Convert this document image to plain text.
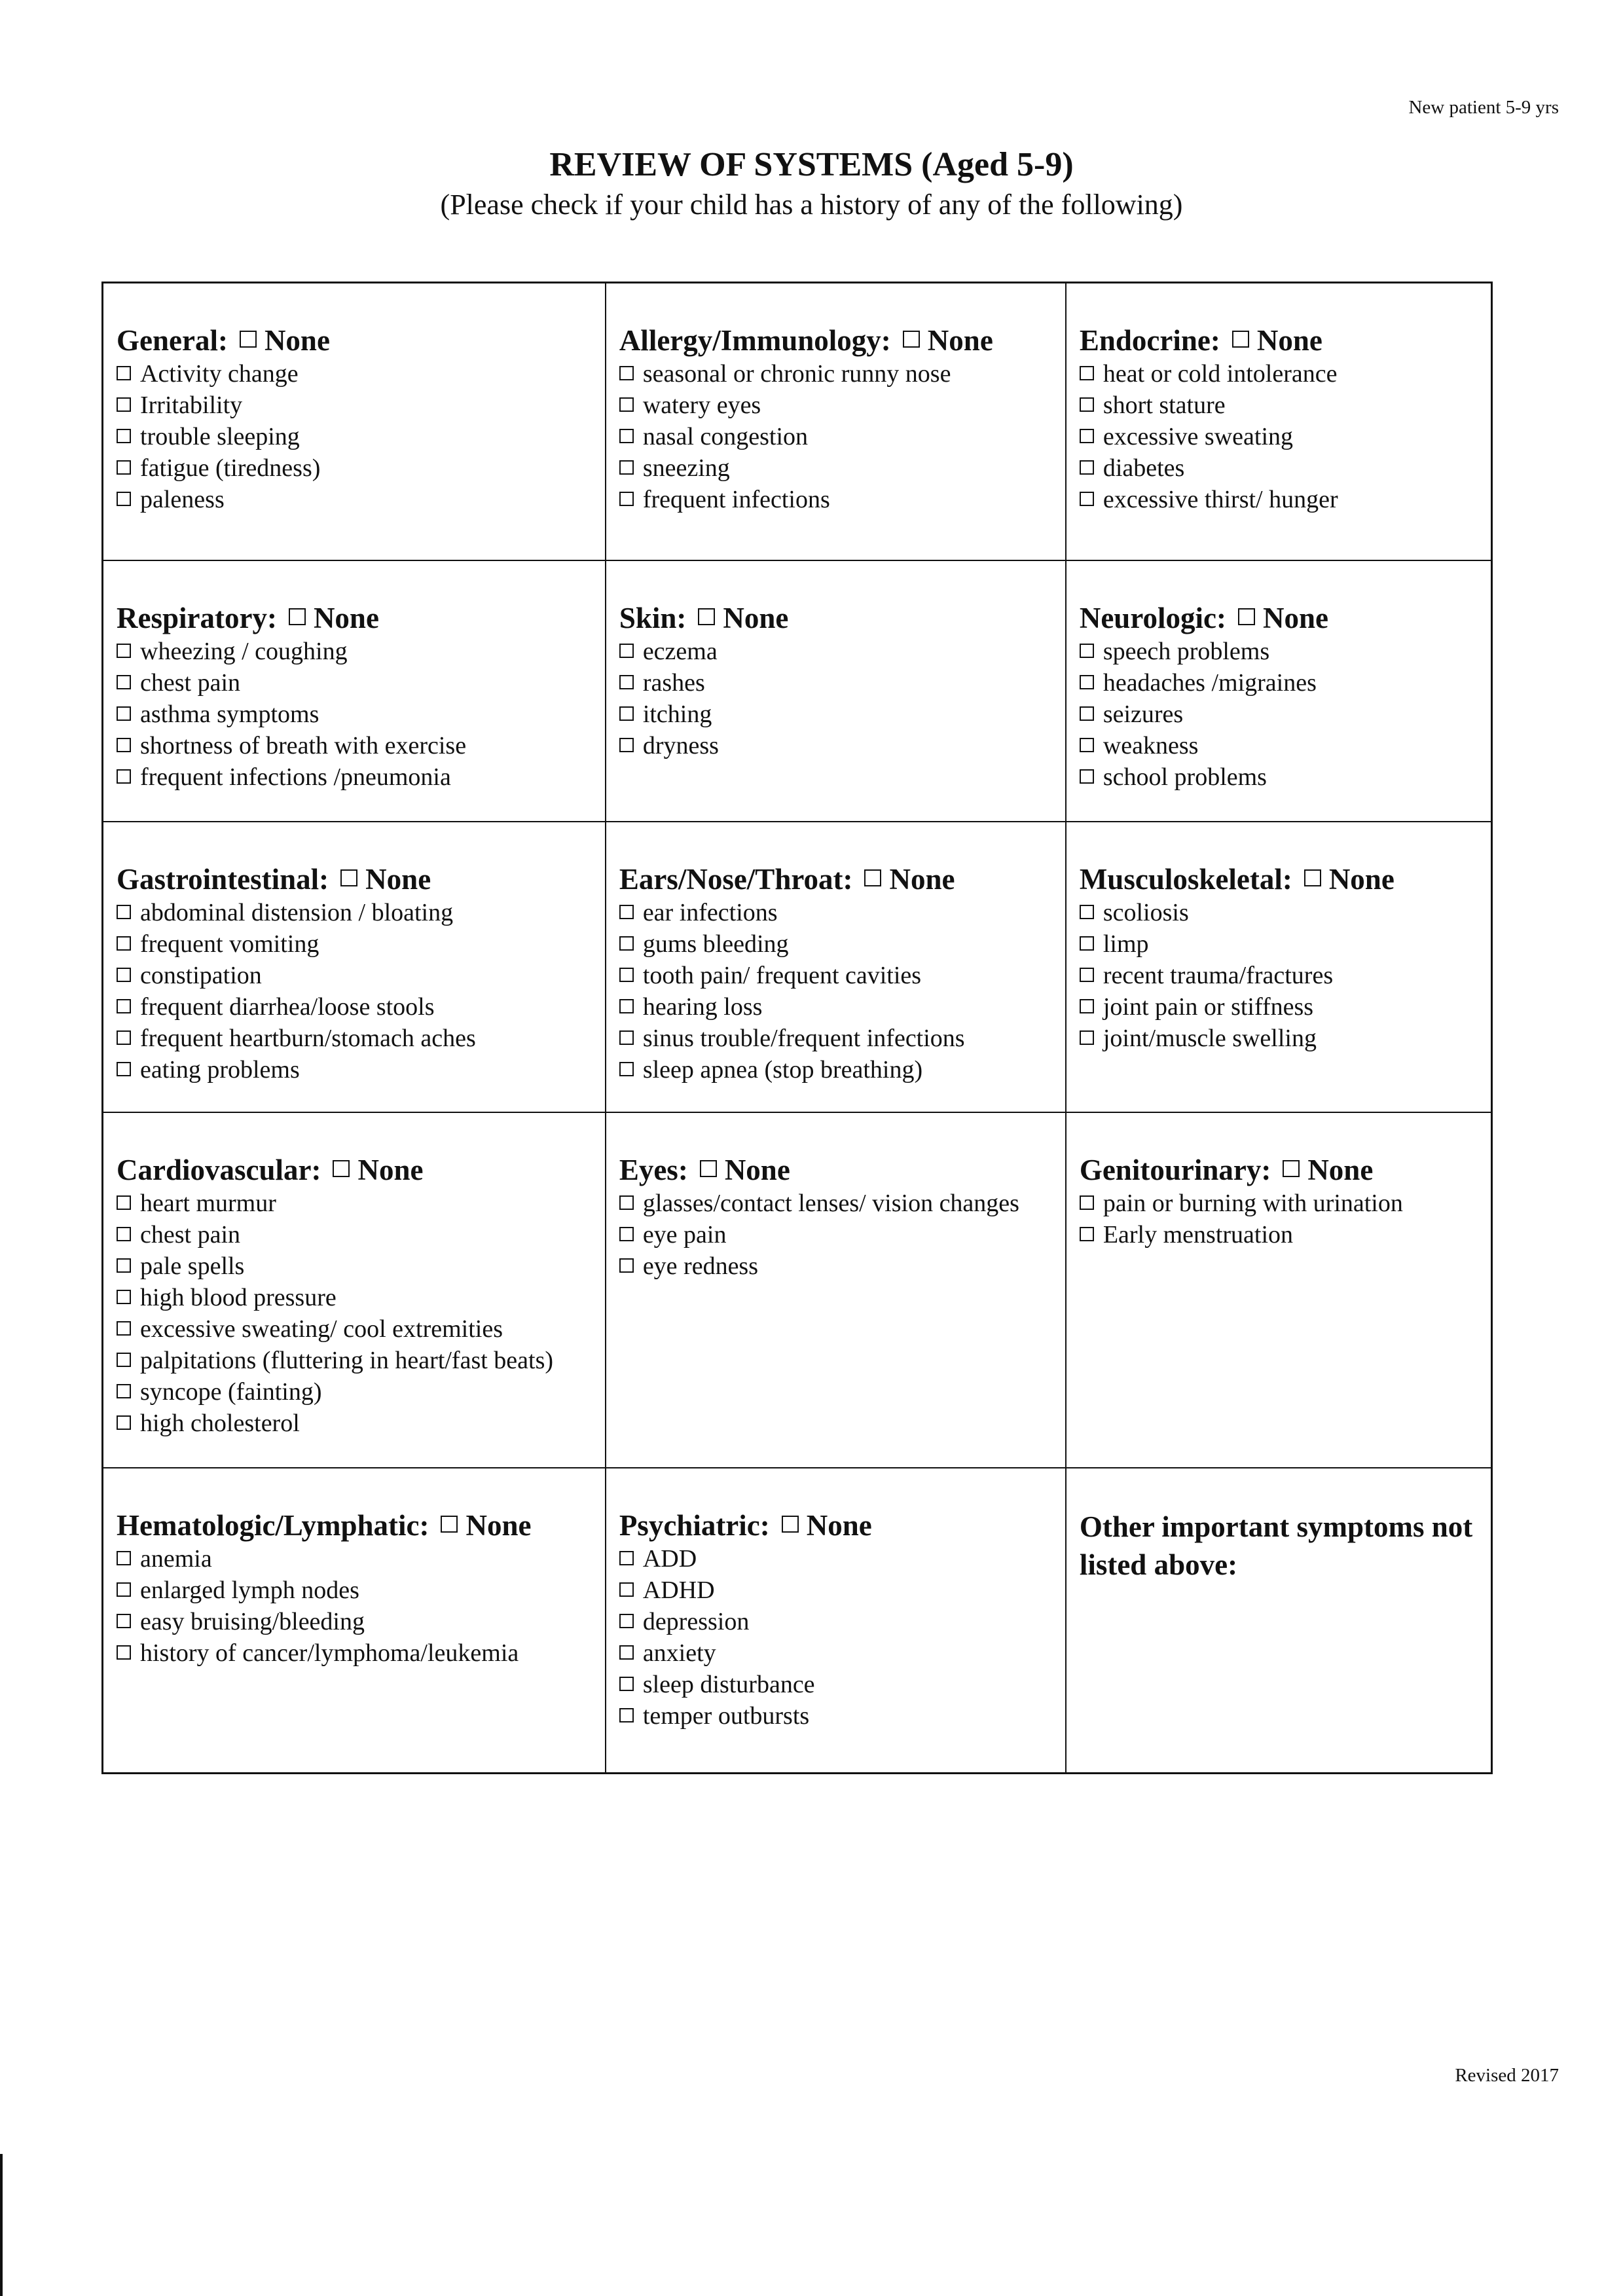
New patient 5-9 yrs
REVIEW OF SYSTEMS (Aged 5-9)
(Please check if your child has a history of any of the following)
General: None
Activity change
Irritability
trouble sleeping
fatigue (tiredness)
paleness
Allergy/Immunology: None
seasonal or chronic runny nose
watery eyes
nasal congestion
sneezing
frequent infections
Endocrine: None
heat or cold intolerance
short stature
excessive sweating
diabetes
excessive thirst/ hunger
Respiratory: None
wheezing / coughing
chest pain
asthma symptoms
shortness of breath with exercise
frequent infections /pneumonia
Skin: None
eczema
rashes
itching
dryness
Neurologic: None
speech problems
headaches /migraines
seizures
weakness
school problems
Gastrointestinal: None
abdominal distension / bloating
frequent vomiting
constipation
frequent diarrhea/loose stools
frequent heartburn/stomach aches
eating problems
Ears/Nose/Throat: None
ear infections
gums bleeding
tooth pain/ frequent cavities
hearing loss
sinus trouble/frequent infections
sleep apnea (stop breathing)
Musculoskeletal: None
scoliosis
limp
recent trauma/fractures
joint pain or stiffness
joint/muscle swelling
Cardiovascular: None
heart murmur
chest pain
pale spells
high blood pressure
excessive sweating/ cool extremities
palpitations (fluttering in heart/fast beats)
syncope (fainting)
high cholesterol
Eyes: None
glasses/contact lenses/ vision changes
eye pain
eye redness
Genitourinary: None
pain or burning with urination
Early menstruation
Hematologic/Lymphatic: None
anemia
enlarged lymph nodes
easy bruising/bleeding
history of cancer/lymphoma/leukemia
Psychiatric: None
ADD
ADHD
depression
anxiety
sleep disturbance
temper outbursts
Other important symptoms not listed above:
Revised 2017
